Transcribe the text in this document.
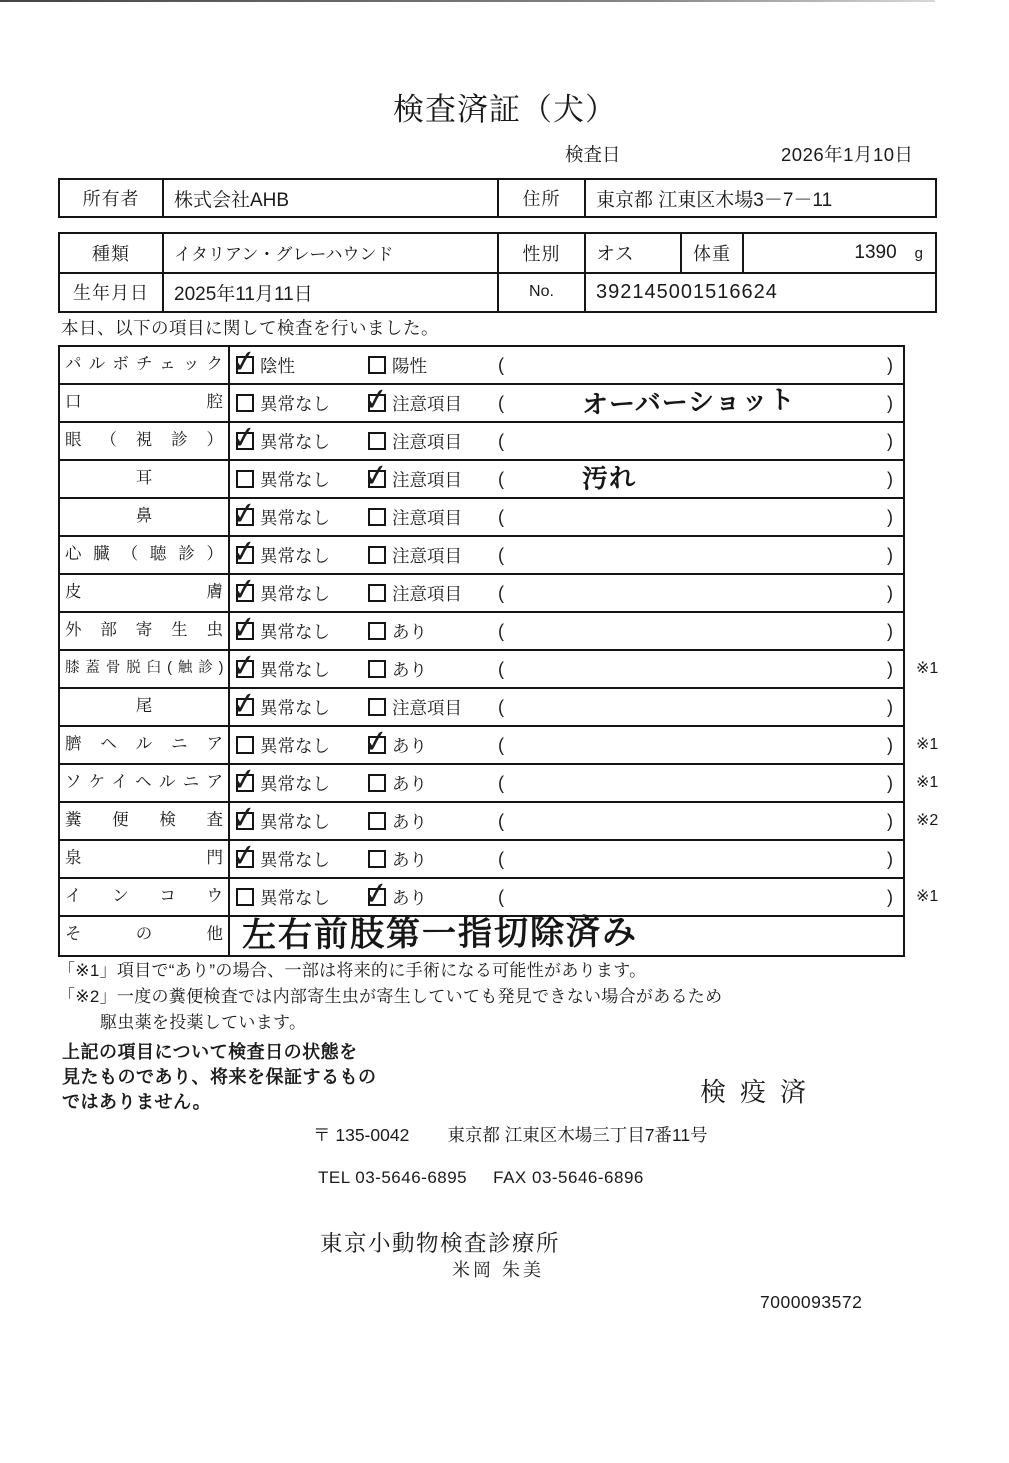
検査済証（犬）
検査日	2026年1月10日
所有者	株式会社AHB	住所	東京都 江東区木場3－7－11
種類	イタリアン・グレーハウンド	性別	オス	体重	1390 g
生年月日	2025年11月11日	No.	392145001516624
本日、以下の項目に関して検査を行いました。
パルボチェック ✓	陰性	陽性	(	)
口腔	異常なし ✓	注意項目 (	オーバーショット	)
眼（視診） ✓	異常なし	注意項目 (	)
耳	異常なし ✓	注意項目 (	汚れ	)
鼻 ✓	異常なし	注意項目 (	)
心臓（聴診） ✓	異常なし	注意項目 (	)
皮膚 ✓	異常なし	注意項目 (	)
外部寄生虫 ✓	異常なし	あり	(	)
膝蓋骨脱臼(触診) ✓	異常なし	あり	(	) ※1
尾 ✓	異常なし	注意項目 (	)
臍ヘルニア	異常なし ✓	あり	(	) ※1
ソケイヘルニア ✓	異常なし	あり	(	) ※1
糞便検査 ✓	異常なし	あり	(	) ※2
泉門 ✓	異常なし	あり	(	)
インコウ	異常なし ✓	あり	(	) ※1
その他 左右前肢第一指切除済み
「※1」項目で“あり”の場合、一部は将来的に手術になる可能性があります。
「※2」一度の糞便検査では内部寄生虫が寄生していても発見できない場合があるため
駆虫薬を投薬しています。
上記の項目について検査日の状態を
見たものであり、将来を保証するもの
ではありません。	検疫済
〒 135-0042 東京都 江東区木場三丁目7番11号
TEL 03-5646-6895 FAX 03-5646-6896
東京小動物検査診療所
米岡 朱美
7000093572
